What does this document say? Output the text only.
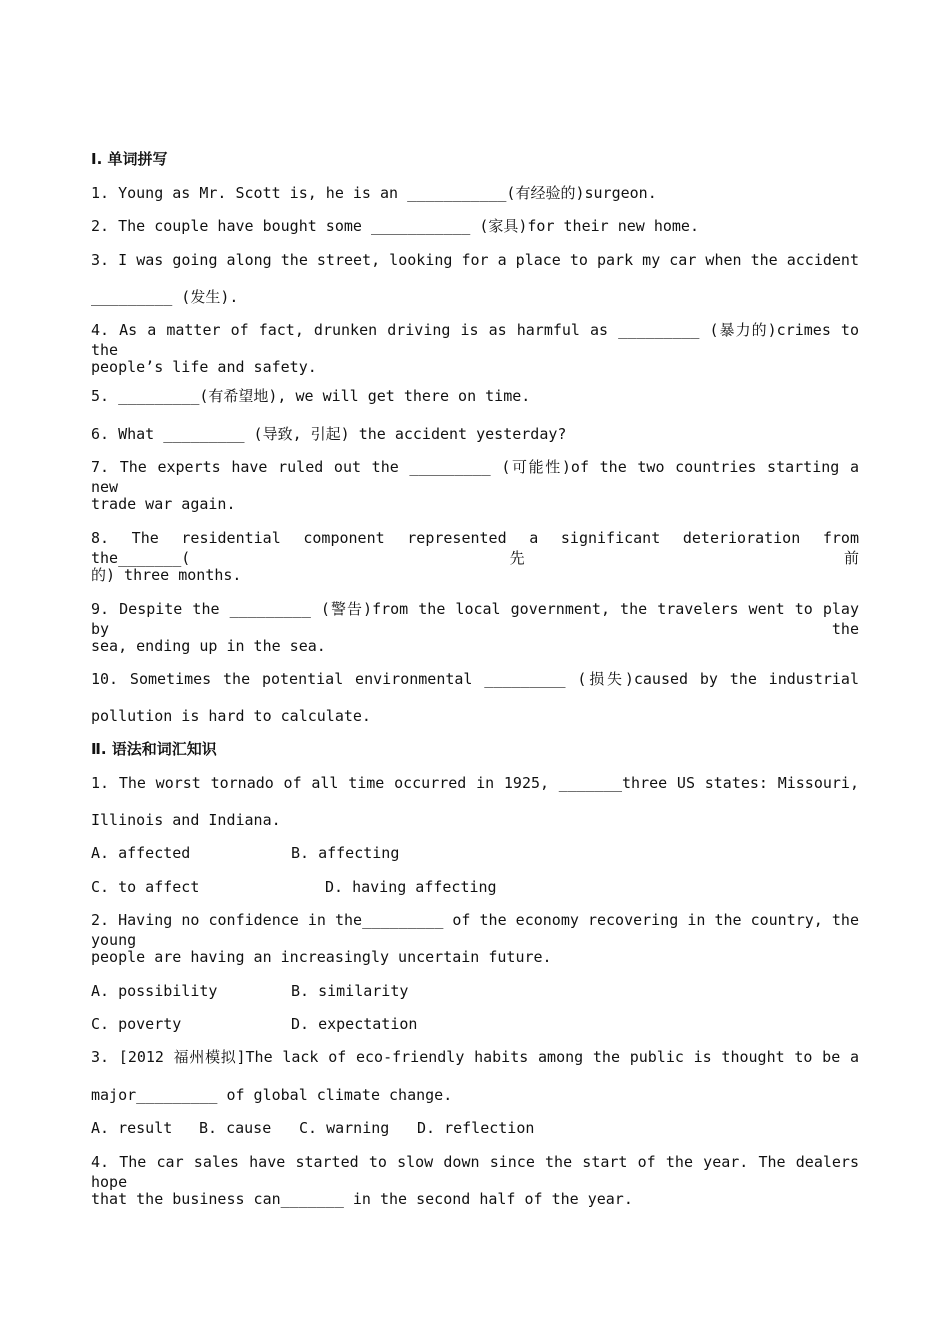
Ⅰ. 单词拼写
1. Young as Mr. Scott is, he is an ___________(有经验的)surgeon.
2. The couple have bought some ___________ (家具)for their new home.
3. I was going along the street, looking for a place to park my car when the accident
_________ (发生).
4. As a matter of fact, drunken driving is as harmful as _________ (暴力的)crimes to the
people’s life and safety.
5. _________(有希望地), we will get there on time.
6. What _________ (导致, 引起) the accident yesterday?
7. The experts have ruled out the _________ (可能性)of the two countries starting a new
trade war again.
8. The residential component represented a significant deterioration from the_______(先前
的) three months.
9. Despite the _________ (警告)from the local government, the travelers went to play by the
sea, ending up in the sea.
10. Sometimes the potential environmental _________ (损失)caused by the industrial
pollution is hard to calculate.
Ⅱ. 语法和词汇知识
1. The worst tornado of all time occurred in 1925, _______three US states: Missouri,
Illinois and Indiana.
A. affected	B. affecting
C. to affect	D. having affecting
2. Having no confidence in the_________ of the economy recovering in the country, the young
people are having an increasingly uncertain future.
A. possibility	B. similarity
C. poverty	D. expectation
3. [2012 福州模拟]The lack of eco-friendly habits among the public is thought to be a
major_________ of global climate change.
A. result B. cause C. warning D. reflection
4. The car sales have started to slow down since the start of the year. The dealers hope
that the business can_______ in the second half of the year.
